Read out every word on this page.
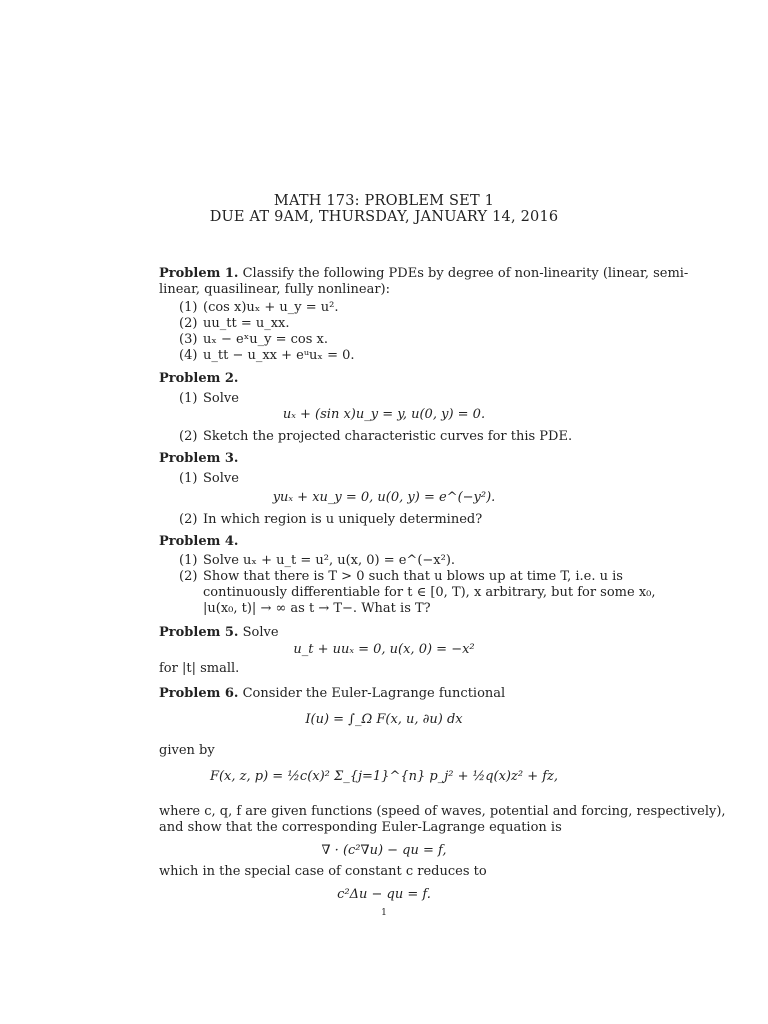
MATH 173: PROBLEM SET 1
DUE AT 9AM, THURSDAY, JANUARY 14, 2016
Problem 1. Classify the following PDEs by degree of non-linearity (linear, semi-
linear, quasilinear, fully nonlinear):
(1) (cos x)uₓ + u_y = u².
(2) uu_tt = u_xx.
(3) uₓ − eˣu_y = cos x.
(4) u_tt − u_xx + eᵘuₓ = 0.
Problem 2.
(1) Solve
uₓ + (sin x)u_y = y, u(0, y) = 0.
(2) Sketch the projected characteristic curves for this PDE.
Problem 3.
(1) Solve
yuₓ + xu_y = 0, u(0, y) = e^(−y²).
(2) In which region is u uniquely determined?
Problem 4.
(1) Solve uₓ + u_t = u², u(x, 0) = e^(−x²).
(2) Show that there is T > 0 such that u blows up at time T, i.e. u is
continuously differentiable for t ∈ [0, T), x arbitrary, but for some x₀,
|u(x₀, t)| → ∞ as t → T−. What is T?
Problem 5. Solve
u_t + uuₓ = 0, u(x, 0) = −x²
for |t| small.
Problem 6. Consider the Euler-Lagrange functional
I(u) = ∫_Ω F(x, u, ∂u) dx
given by
F(x, z, p) = ½c(x)² Σ_{j=1}^{n} p_j² + ½q(x)z² + fz,
where c, q, f are given functions (speed of waves, potential and forcing, respectively),
and show that the corresponding Euler-Lagrange equation is
∇ · (c²∇u) − qu = f,
which in the special case of constant c reduces to
c²Δu − qu = f.
1
